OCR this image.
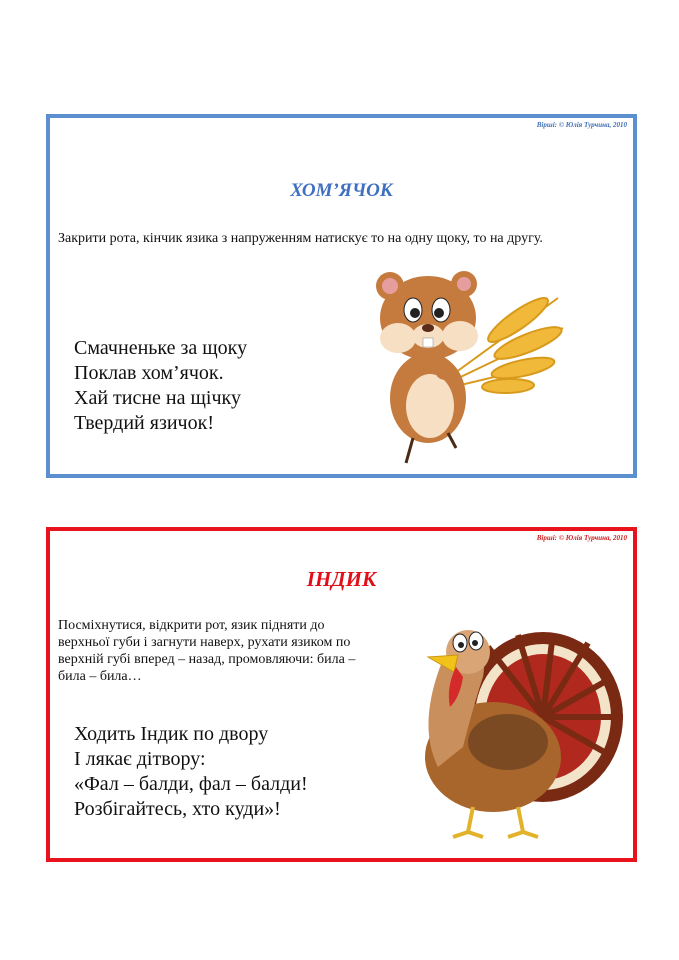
Вірші: © Юлія Турчина, 2010
ХОМ’ЯЧОК
Закрити рота, кінчик язика з напруженням натискує то на одну щоку, то на другу.
Смачненьке за щоку
Поклав хом’ячок.
Хай тисне на щічку
Твердий язичок!
Вірші: © Юлія Турчина, 2010
ІНДИК
Посміхнутися, відкрити рот, язик підняти до верхньої губи і загнути наверх, рухати язиком по верхній губі вперед – назад, промовляючи: била – била – била…
Ходить Індик по двору
І лякає дітвору:
«Фал – балди, фал – балди!
Розбігайтесь, хто куди»!
